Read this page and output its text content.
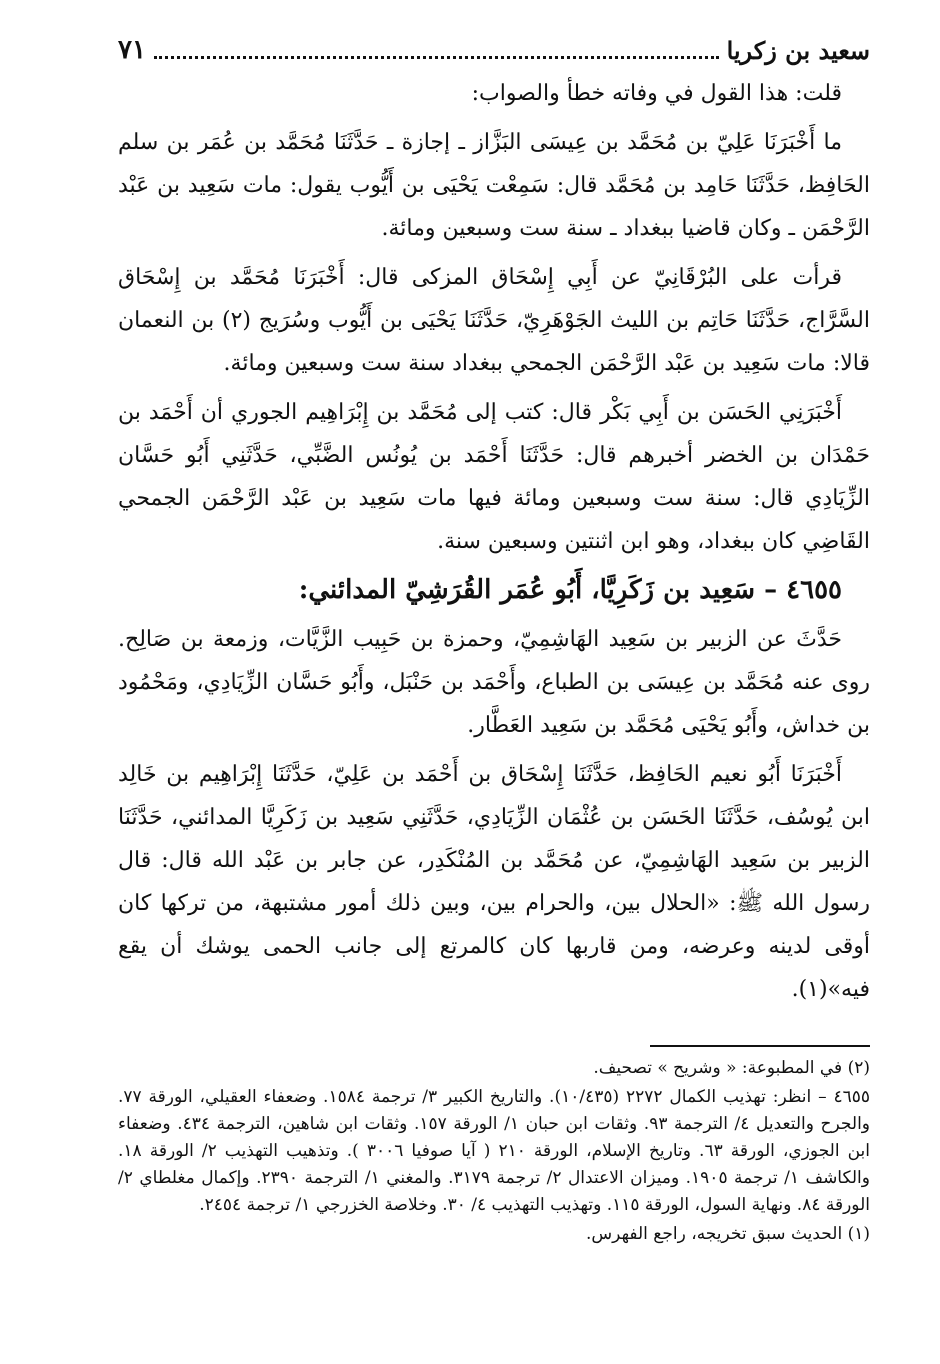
سعيد بن زكريا
٧١

قلت: هذا القول في وفاته خطأ والصواب:

ما أَخْبَرَنَا عَلِيّ بن مُحَمَّد بن عِيسَى البَزَّاز ـ إجازة ـ حَدَّثَنَا مُحَمَّد بن عُمَر بن سلم الحَافِظ، حَدَّثَنَا حَامِد بن مُحَمَّد قال: سَمِعْت يَحْيَى بن أَيُّوب يقول: مات سَعِيد بن عَبْد الرَّحْمَن ـ وكان قاضيا ببغداد ـ سنة ست وسبعين ومائة.

قرأت على البُرْقَانِيّ عن أَبِي إِسْحَاق المزكى قال: أَخْبَرَنَا مُحَمَّد بن إِسْحَاق السَّرَّاج، حَدَّثَنَا حَاتِم بن الليث الجَوْهَرِيّ، حَدَّثَنَا يَحْيَى بن أَيُّوب وسُرَيج (٢) بن النعمان قالا: مات سَعِيد بن عَبْد الرَّحْمَن الجمحي ببغداد سنة ست وسبعين ومائة.

أَخْبَرَنِي الحَسَن بن أَبِي بَكْر قال: كتب إلى مُحَمَّد بن إِبْرَاهِيم الجوري أن أَحْمَد بن حَمْدَان بن الخضر أخبرهم قال: حَدَّثَنَا أَحْمَد بن يُونُس الضَّبِّي، حَدَّثَنِي أَبُو حَسَّان الزِّيَادِي قال: سنة ست وسبعين ومائة فيها مات سَعِيد بن عَبْد الرَّحْمَن الجمحي القَاضِي كان ببغداد، وهو ابن اثنتين وسبعين سنة.

٤٦٥٥ – سَعِيد بن زَكَرِيَّا، أَبُو عُمَر القُرَشِيّ المدائني:

حَدَّثَ عن الزبير بن سَعِيد الهَاشِمِيّ، وحمزة بن حَبِيب الزَّيَّات، وزمعة بن صَالِح. روى عنه مُحَمَّد بن عِيسَى بن الطباع، وأَحْمَد بن حَنْبَل، وأَبُو حَسَّان الزِّيَادِي، ومَحْمُود بن خداش، وأَبُو يَحْيَى مُحَمَّد بن سَعِيد العَطَّار.

أَخْبَرَنَا أَبُو نعيم الحَافِظ، حَدَّثَنَا إِسْحَاق بن أَحْمَد بن عَلِيّ، حَدَّثَنَا إِبْرَاهِيم بن خَالِد ابن يُوسُف، حَدَّثَنَا الحَسَن بن عُثْمَان الزِّيَادِي، حَدَّثَنِي سَعِيد بن زَكَرِيَّا المدائني، حَدَّثَنَا الزبير بن سَعِيد الهَاشِمِيّ، عن مُحَمَّد بن المُنْكَدِر، عن جابر بن عَبْد الله قال: قال رسول الله ﷺ: «الحلال بين، والحرام بين، وبين ذلك أمور مشتبهة، من تركها كان أوقى لدينه وعرضه، ومن قاربها كان كالمرتع إلى جانب الحمى يوشك أن يقع فيه»(١).

(٢) في المطبوعة: « وشريح » تصحيف.

٤٦٥٥ – انظر: تهذيب الكمال ٢٢٧٢ (١٠/٤٣٥). والتاريخ الكبير ٣/ ترجمة ١٥٨٤. وضعفاء العقيلي، الورقة ٧٧. والجرح والتعديل ٤/ الترجمة ٩٣. وثقات ابن حبان ١/ الورقة ١٥٧. وثقات ابن شاهين، الترجمة ٤٣٤. وضعفاء ابن الجوزي، الورقة ٦٣. وتاريخ الإسلام، الورقة ٢١٠ ( آيا صوفيا ٣٠٠٦ ). وتذهيب التهذيب ٢/ الورقة ١٨. والكاشف ١/ ترجمة ١٩٠٥. وميزان الاعتدال ٢/ ترجمة ٣١٧٩. والمغني ١/ الترجمة ٢٣٩٠. وإكمال مغلطاي ٢/ الورقة ٨٤. ونهاية السول، الورقة ١١٥. وتهذيب التهذيب ٤/ ٣٠. وخلاصة الخزرجي ١/ ترجمة ٢٤٥٤.

(١) الحديث سبق تخريجه، راجع الفهرس.
